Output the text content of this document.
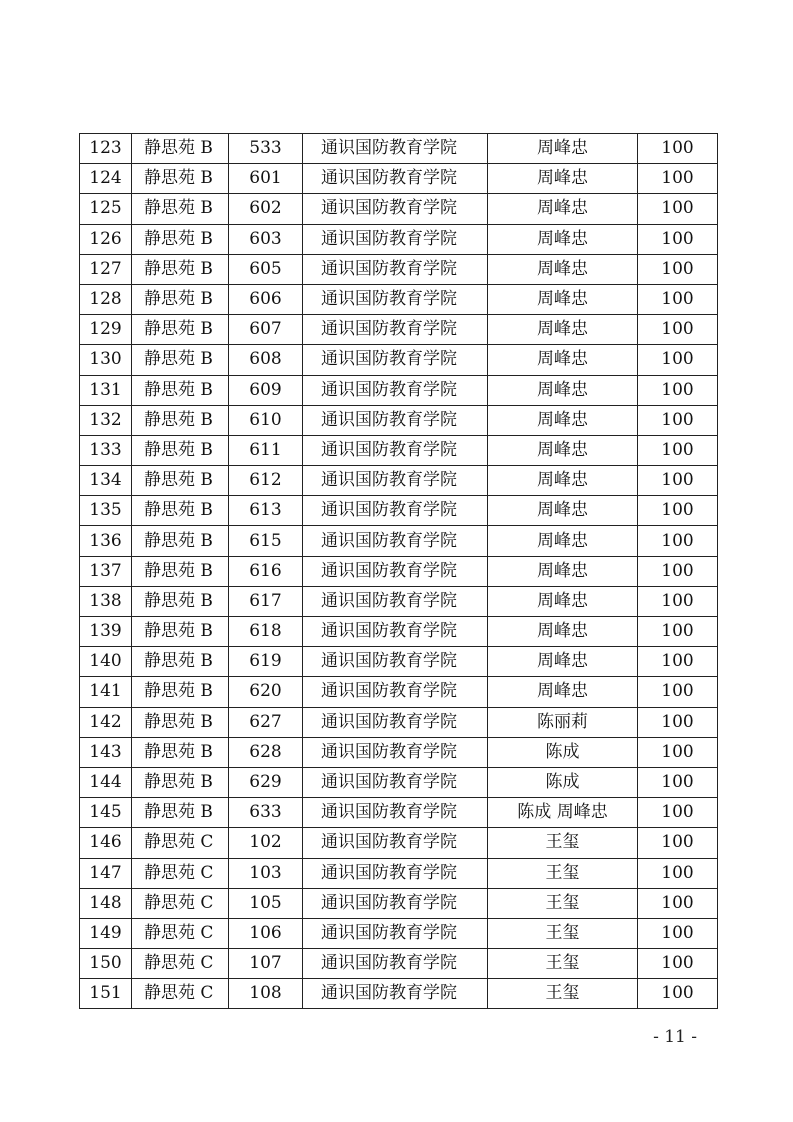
123	静思苑 B	533	通识国防教育学院	周峰忠	100
124	静思苑 B	601	通识国防教育学院	周峰忠	100
125	静思苑 B	602	通识国防教育学院	周峰忠	100
126	静思苑 B	603	通识国防教育学院	周峰忠	100
127	静思苑 B	605	通识国防教育学院	周峰忠	100
128	静思苑 B	606	通识国防教育学院	周峰忠	100
129	静思苑 B	607	通识国防教育学院	周峰忠	100
130	静思苑 B	608	通识国防教育学院	周峰忠	100
131	静思苑 B	609	通识国防教育学院	周峰忠	100
132	静思苑 B	610	通识国防教育学院	周峰忠	100
133	静思苑 B	611	通识国防教育学院	周峰忠	100
134	静思苑 B	612	通识国防教育学院	周峰忠	100
135	静思苑 B	613	通识国防教育学院	周峰忠	100
136	静思苑 B	615	通识国防教育学院	周峰忠	100
137	静思苑 B	616	通识国防教育学院	周峰忠	100
138	静思苑 B	617	通识国防教育学院	周峰忠	100
139	静思苑 B	618	通识国防教育学院	周峰忠	100
140	静思苑 B	619	通识国防教育学院	周峰忠	100
141	静思苑 B	620	通识国防教育学院	周峰忠	100
142	静思苑 B	627	通识国防教育学院	陈丽莉	100
143	静思苑 B	628	通识国防教育学院	陈成	100
144	静思苑 B	629	通识国防教育学院	陈成	100
145	静思苑 B	633	通识国防教育学院	陈成 周峰忠	100
146	静思苑 C	102	通识国防教育学院	王玺	100
147	静思苑 C	103	通识国防教育学院	王玺	100
148	静思苑 C	105	通识国防教育学院	王玺	100
149	静思苑 C	106	通识国防教育学院	王玺	100
150	静思苑 C	107	通识国防教育学院	王玺	100
151	静思苑 C	108	通识国防教育学院	王玺	100
- 11 -
